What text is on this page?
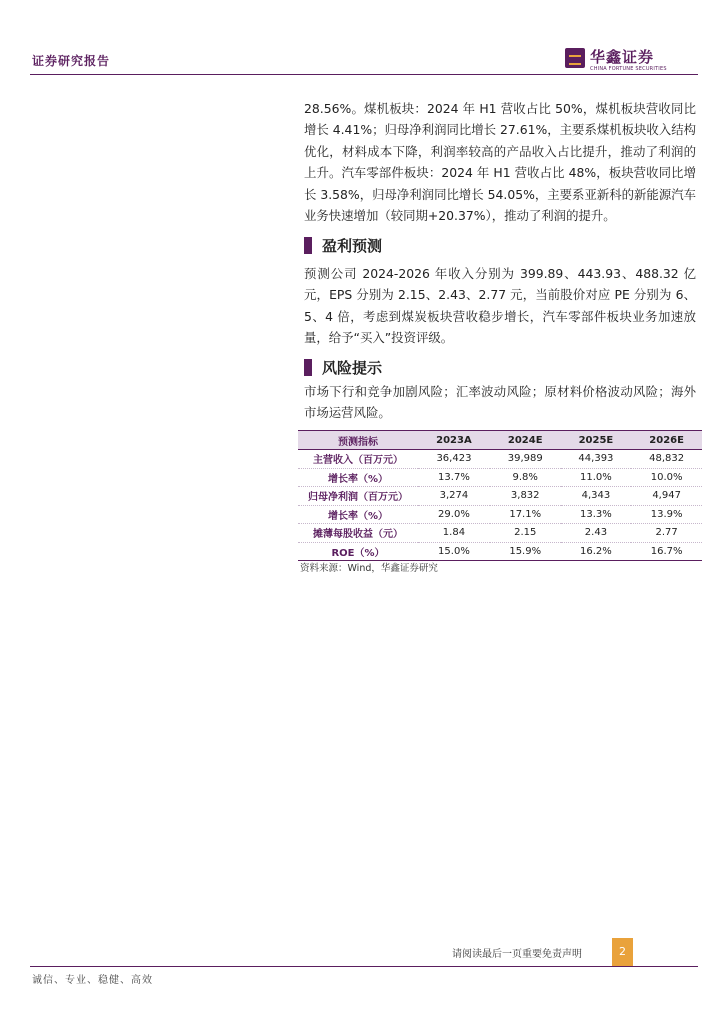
证券研究报告	华鑫证券
CHINA FORTUNE SECURITIES
28.56%。煤机板块：2024 年 H1 营收占比 50%，煤机板块营收同比增长 4.41%；归母净利润同比增长 27.61%，主要系煤机板块收入结构优化，材料成本下降，利润率较高的产品收入占比提升，推动了利润的上升。汽车零部件板块：2024 年 H1 营收占比 48%，板块营收同比增长 3.58%，归母净利润同比增长 54.05%，主要系亚新科的新能源汽车业务快速增加（较同期+20.37%），推动了利润的提升。
盈利预测
预测公司 2024-2026 年收入分别为 399.89、443.93、488.32 亿元，EPS 分别为 2.15、2.43、2.77 元，当前股价对应 PE 分别为 6、5、4 倍，考虑到煤炭板块营收稳步增长，汽车零部件板块业务加速放量，给予“买入”投资评级。
风险提示
市场下行和竞争加剧风险；汇率波动风险；原材料价格波动风险；海外市场运营风险。
预测指标	2023A	2024E	2025E	2026E
主营收入（百万元）	36,423	39,989	44,393	48,832
增长率（%）	13.7%	9.8%	11.0%	10.0%
归母净利润（百万元）	3,274	3,832	4,343	4,947
增长率（%）	29.0%	17.1%	13.3%	13.9%
摊薄每股收益（元）	1.84	2.15	2.43	2.77
ROE（%）	15.0%	15.9%	16.2%	16.7%
资料来源：Wind，华鑫证券研究
请阅读最后一页重要免责声明	2
诚信、专业、稳健、高效
